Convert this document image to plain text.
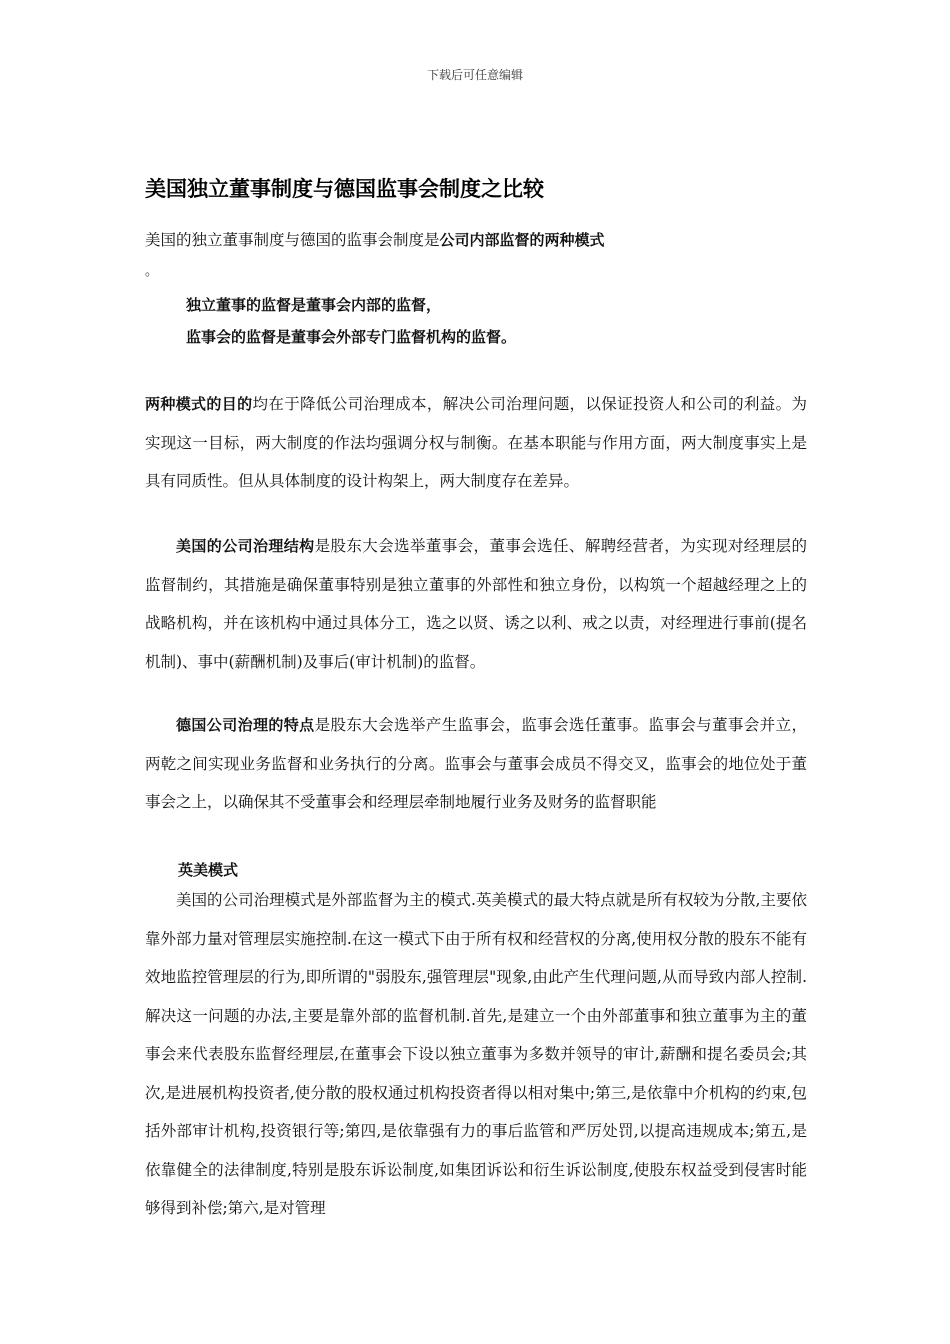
下载后可任意编辑
美国独立董事制度与德国监事会制度之比较
美国的独立董事制度与德国的监事会制度是公司内部监督的两种模式
。
独立董事的监督是董事会内部的监督，
监事会的监督是董事会外部专门监督机构的监督。

两种模式的目的均在于降低公司治理成本，解决公司治理问题，以保证投资人和公司的利益。为实现这一目标，两大制度的作法均强调分权与制衡。在基本职能与作用方面，两大制度事实上是具有同质性。但从具体制度的设计构架上，两大制度存在差异。

美国的公司治理结构是股东大会选举董事会，董事会选任、解聘经营者，为实现对经理层的监督制约，其措施是确保董事特别是独立董事的外部性和独立身份，以构筑一个超越经理之上的战略机构，并在该机构中通过具体分工，选之以贤、诱之以利、戒之以责，对经理进行事前(提名机制)、事中(薪酬机制)及事后(审计机制)的监督。

德国公司治理的特点是股东大会选举产生监事会，监事会选任董事。监事会与董事会并立，两乾之间实现业务监督和业务执行的分离。监事会与董事会成员不得交叉，监事会的地位处于董事会之上，以确保其不受董事会和经理层牵制地履行业务及财务的监督职能

英美模式

美国的公司治理模式是外部监督为主的模式.英美模式的最大特点就是所有权较为分散,主要依靠外部力量对管理层实施控制.在这一模式下由于所有权和经营权的分离,使用权分散的股东不能有效地监控管理层的行为,即所谓的"弱股东,强管理层"现象,由此产生代理问题,从而导致内部人控制.解决这一问题的办法,主要是靠外部的监督机制.首先,是建立一个由外部董事和独立董事为主的董事会来代表股东监督经理层,在董事会下设以独立董事为多数并领导的审计,薪酬和提名委员会;其次,是进展机构投资者,使分散的股权通过机构投资者得以相对集中;第三,是依靠中介机构的约束,包括外部审计机构,投资银行等;第四,是依靠强有力的事后监管和严厉处罚,以提高违规成本;第五,是依靠健全的法律制度,特别是股东诉讼制度,如集团诉讼和衍生诉讼制度,使股东权益受到侵害时能够得到补偿;第六,是对管理
